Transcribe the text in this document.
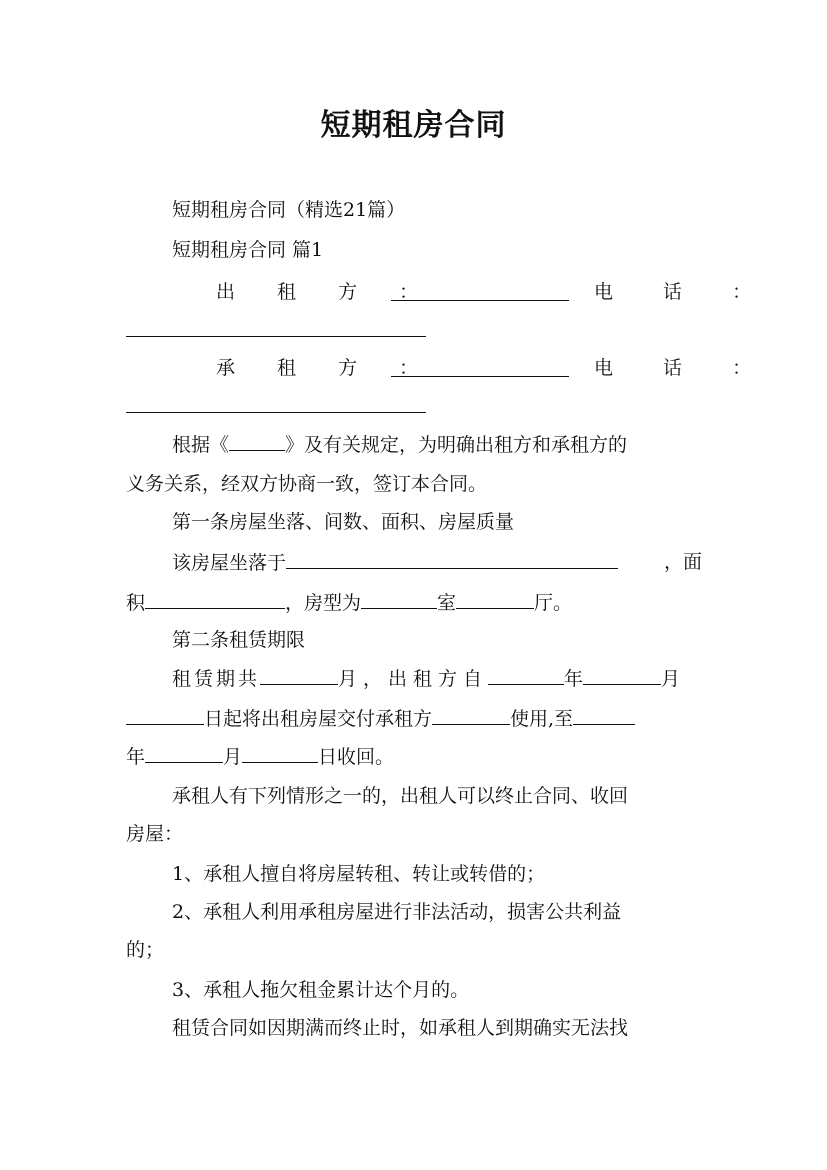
短期租房合同
短期租房合同（精选21篇）
短期租房合同 篇1
出 租 方 ：	电 话 ：
承 租 方 ：	电 话 ：
根据《	》及有关规定，为明确出租方和承租方的
义务关系，经双方协商一致，签订本合同。
第一条房屋坐落、间数、面积、房屋质量
该房屋坐落于	，面
积	，房型为	室	厅。
第二条租赁期限
租赁期共	月，出租方自	年	月
日起将出租房屋交付承租方	使用,至
年	月	日收回。
承租人有下列情形之一的，出租人可以终止合同、收回
房屋：
1、承租人擅自将房屋转租、转让或转借的；
2、承租人利用承租房屋进行非法活动，损害公共利益
的；
3、承租人拖欠租金累计达个月的。
租赁合同如因期满而终止时，如承租人到期确实无法找
